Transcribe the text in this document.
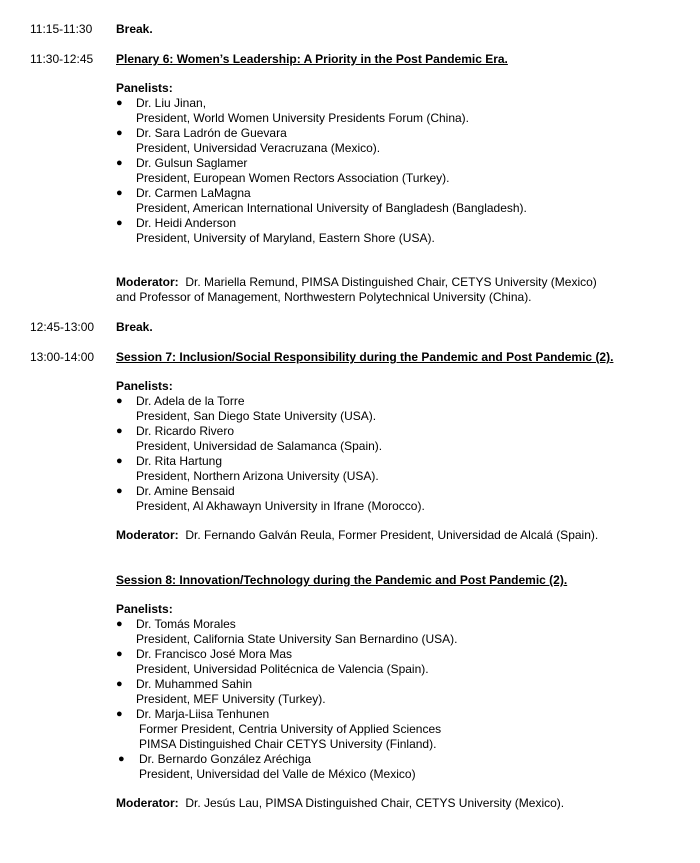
11:15-11:30 Break.
11:30-12:45 Plenary 6: Women’s Leadership: A Priority in the Post Pandemic Era.
Panelists:
● Dr. Liu Jinan,
President, World Women University Presidents Forum (China).
● Dr. Sara Ladrón de Guevara
President, Universidad Veracruzana (Mexico).
● Dr. Gulsun Saglamer
President, European Women Rectors Association (Turkey).
● Dr. Carmen LaMagna
President, American International University of Bangladesh (Bangladesh).
● Dr. Heidi Anderson
President, University of Maryland, Eastern Shore (USA).
Moderator: Dr. Mariella Remund, PIMSA Distinguished Chair, CETYS University (Mexico)
and Professor of Management, Northwestern Polytechnical University (China).
12:45-13:00 Break.
13:00-14:00 Session 7: Inclusion/Social Responsibility during the Pandemic and Post Pandemic (2).
Panelists:
● Dr. Adela de la Torre
President, San Diego State University (USA).
● Dr. Ricardo Rivero
President, Universidad de Salamanca (Spain).
● Dr. Rita Hartung
President, Northern Arizona University (USA).
● Dr. Amine Bensaid
President, Al Akhawayn University in Ifrane (Morocco).
Moderator: Dr. Fernando Galván Reula, Former President, Universidad de Alcalá (Spain).
Session 8: Innovation/Technology during the Pandemic and Post Pandemic (2).
Panelists:
● Dr. Tomás Morales
President, California State University San Bernardino (USA).
● Dr. Francisco José Mora Mas
President, Universidad Politécnica de Valencia (Spain).
● Dr. Muhammed Sahin
President, MEF University (Turkey).
● Dr. Marja-Liisa Tenhunen
Former President, Centria University of Applied Sciences
PIMSA Distinguished Chair CETYS University (Finland).
● Dr. Bernardo González Aréchiga
President, Universidad del Valle de México (Mexico)
Moderator: Dr. Jesús Lau, PIMSA Distinguished Chair, CETYS University (Mexico).
